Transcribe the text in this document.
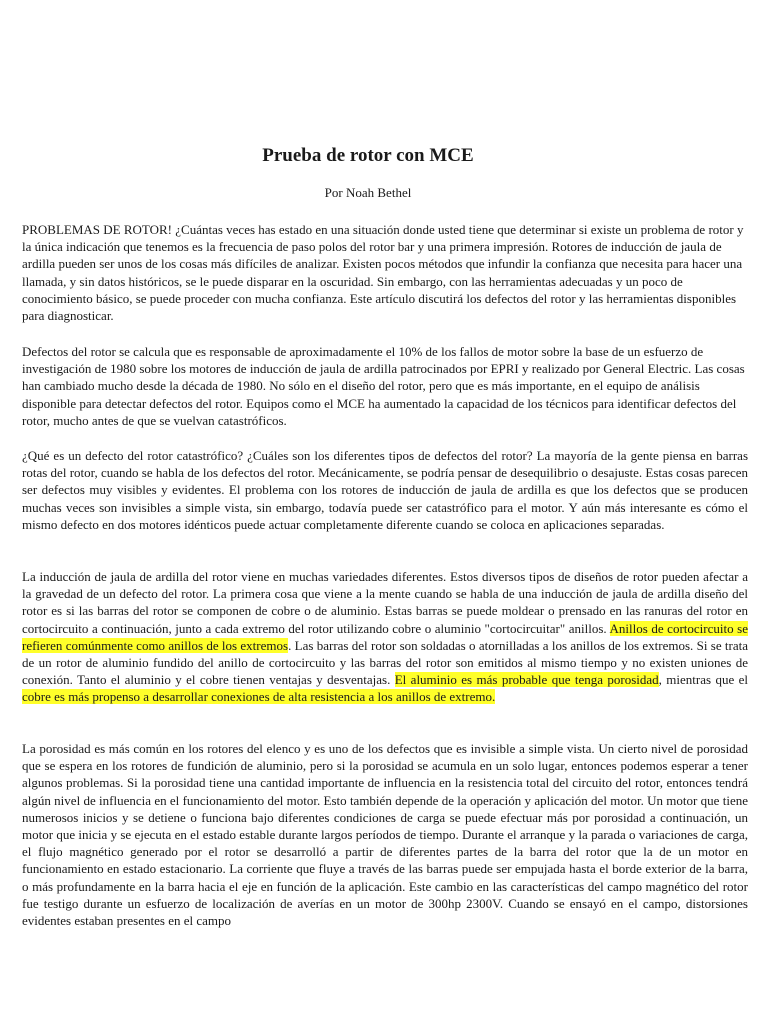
Prueba de rotor con MCE
Por Noah Bethel

PROBLEMAS DE ROTOR! ¿Cuántas veces has estado en una situación donde usted tiene que determinar si existe un problema de rotor y la única indicación que tenemos es la frecuencia de paso polos del rotor bar y una primera impresión. Rotores de inducción de jaula de ardilla pueden ser unos de los cosas más difíciles de analizar. Existen pocos métodos que infundir la confianza que necesita para hacer una llamada, y sin datos históricos, se le puede disparar en la oscuridad. Sin embargo, con las herramientas adecuadas y un poco de conocimiento básico, se puede proceder con mucha confianza. Este artículo discutirá los defectos del rotor y las herramientas disponibles para diagnosticar.

Defectos del rotor se calcula que es responsable de aproximadamente el 10% de los fallos de motor sobre la base de un esfuerzo de investigación de 1980 sobre los motores de inducción de jaula de ardilla patrocinados por EPRI y realizado por General Electric. Las cosas han cambiado mucho desde la década de 1980. No sólo en el diseño del rotor, pero que es más importante, en el equipo de análisis disponible para detectar defectos del rotor. Equipos como el MCE ha aumentado la capacidad de los técnicos para identificar defectos del rotor, mucho antes de que se vuelvan catastróficos.

¿Qué es un defecto del rotor catastrófico? ¿Cuáles son los diferentes tipos de defectos del rotor? La mayoría de la gente piensa en barras rotas del rotor, cuando se habla de los defectos del rotor. Mecánicamente, se podría pensar de desequilibrio o desajuste. Estas cosas parecen ser defectos muy visibles y evidentes. El problema con los rotores de inducción de jaula de ardilla es que los defectos que se producen muchas veces son invisibles a simple vista, sin embargo, todavía puede ser catastrófico para el motor. Y aún más interesante es cómo el mismo defecto en dos motores idénticos puede actuar completamente diferente cuando se coloca en aplicaciones separadas.

La inducción de jaula de ardilla del rotor viene en muchas variedades diferentes. Estos diversos tipos de diseños de rotor pueden afectar a la gravedad de un defecto del rotor. La primera cosa que viene a la mente cuando se habla de una inducción de jaula de ardilla diseño del rotor es si las barras del rotor se componen de cobre o de aluminio. Estas barras se puede moldear o prensado en las ranuras del rotor en cortocircuito a continuación, junto a cada extremo del rotor utilizando cobre o aluminio "cortocircuitar" anillos. Anillos de cortocircuito se refieren comúnmente como anillos de los extremos. Las barras del rotor son soldadas o atornilladas a los anillos de los extremos. Si se trata de un rotor de aluminio fundido del anillo de cortocircuito y las barras del rotor son emitidos al mismo tiempo y no existen uniones de conexión. Tanto el aluminio y el cobre tienen ventajas y desventajas. El aluminio es más probable que tenga porosidad, mientras que el cobre es más propenso a desarrollar conexiones de alta resistencia a los anillos de extremo.

La porosidad es más común en los rotores del elenco y es uno de los defectos que es invisible a simple vista. Un cierto nivel de porosidad que se espera en los rotores de fundición de aluminio, pero si la porosidad se acumula en un solo lugar, entonces podemos esperar a tener algunos problemas. Si la porosidad tiene una cantidad importante de influencia en la resistencia total del circuito del rotor, entonces tendrá algún nivel de influencia en el funcionamiento del motor. Esto también depende de la operación y aplicación del motor. Un motor que tiene numerosos inicios y se detiene o funciona bajo diferentes condiciones de carga se puede efectuar más por porosidad a continuación, un motor que inicia y se ejecuta en el estado estable durante largos períodos de tiempo. Durante el arranque y la parada o variaciones de carga, el flujo magnético generado por el rotor se desarrolló a partir de diferentes partes de la barra del rotor que la de un motor en funcionamiento en estado estacionario. La corriente que fluye a través de las barras puede ser empujada hasta el borde exterior de la barra, o más profundamente en la barra hacia el eje en función de la aplicación. Este cambio en las características del campo magnético del rotor fue testigo durante un esfuerzo de localización de averías en un motor de 300hp 2300V. Cuando se ensayó en el campo, distorsiones evidentes estaban presentes en el campo
